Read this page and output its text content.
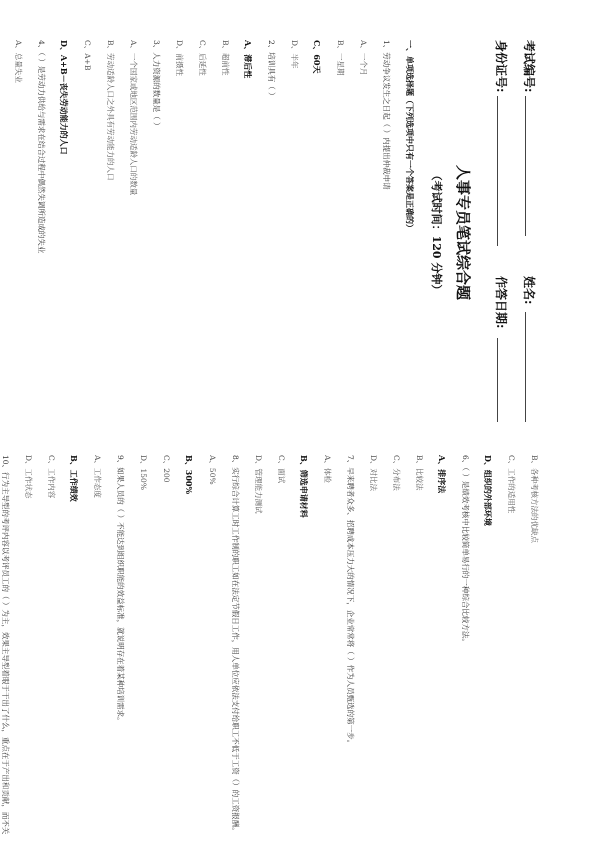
考试编号:
姓名:
身份证号:
作答日期:
人事专员笔试综合题
（考试时间：120 分钟）
一、单项选择题（下列选项中只有一个答案是正确的）
1、劳动争议发生之日起（ ）内提出仲裁申请
A、一个月
B、一星期
C、60天
D、半年
2、培训具有（ ）
A、滞后性
B、超前性
C、后延性
D、前摄性
3、人力资源的数量是（ ）
A、一个国家或地区范围内劳动适龄人口的数量
B、劳动适龄人口之外具有劳动能力的人口
C、A+B
D、A+B－丧失劳动能力的人口
4、（ ）是劳动力供给与需求在结合过程中偶然失调所造成的失业
A、总量失业
B、各种考核方法的优缺点
C、工作的适用性
D、组织的外部环境
6、（ ）是绩效考核中比较简单易行的一种综合比较方法。
A、排序法
B、比较法
C、分布法
D、对比法
7、早来聘者众多、招聘成本压力大的情况下，企业常常将（ ）作为人员甄选的第一步。
A、体检
B、筛选申请材料
C、面试
D、管理能力测试
8、实行综合计算工时工作制的职工如在法定节假日工作，用人单位应依法支付给职工不低于工资（）的工资报酬。
A、50%
B、300%
C、200
D、150%
9、如果人员的（ ）不能达到组织职能的效益标准，就说明存在着某种培训需求。
A、工作态度
B、工作绩效
C、工作内容
D、工作状态
10、行为主导型的考评内容以考评员工的（ ）为主，效果主导型着眼于干出了什么，重点在于产出和贡献，而不关
